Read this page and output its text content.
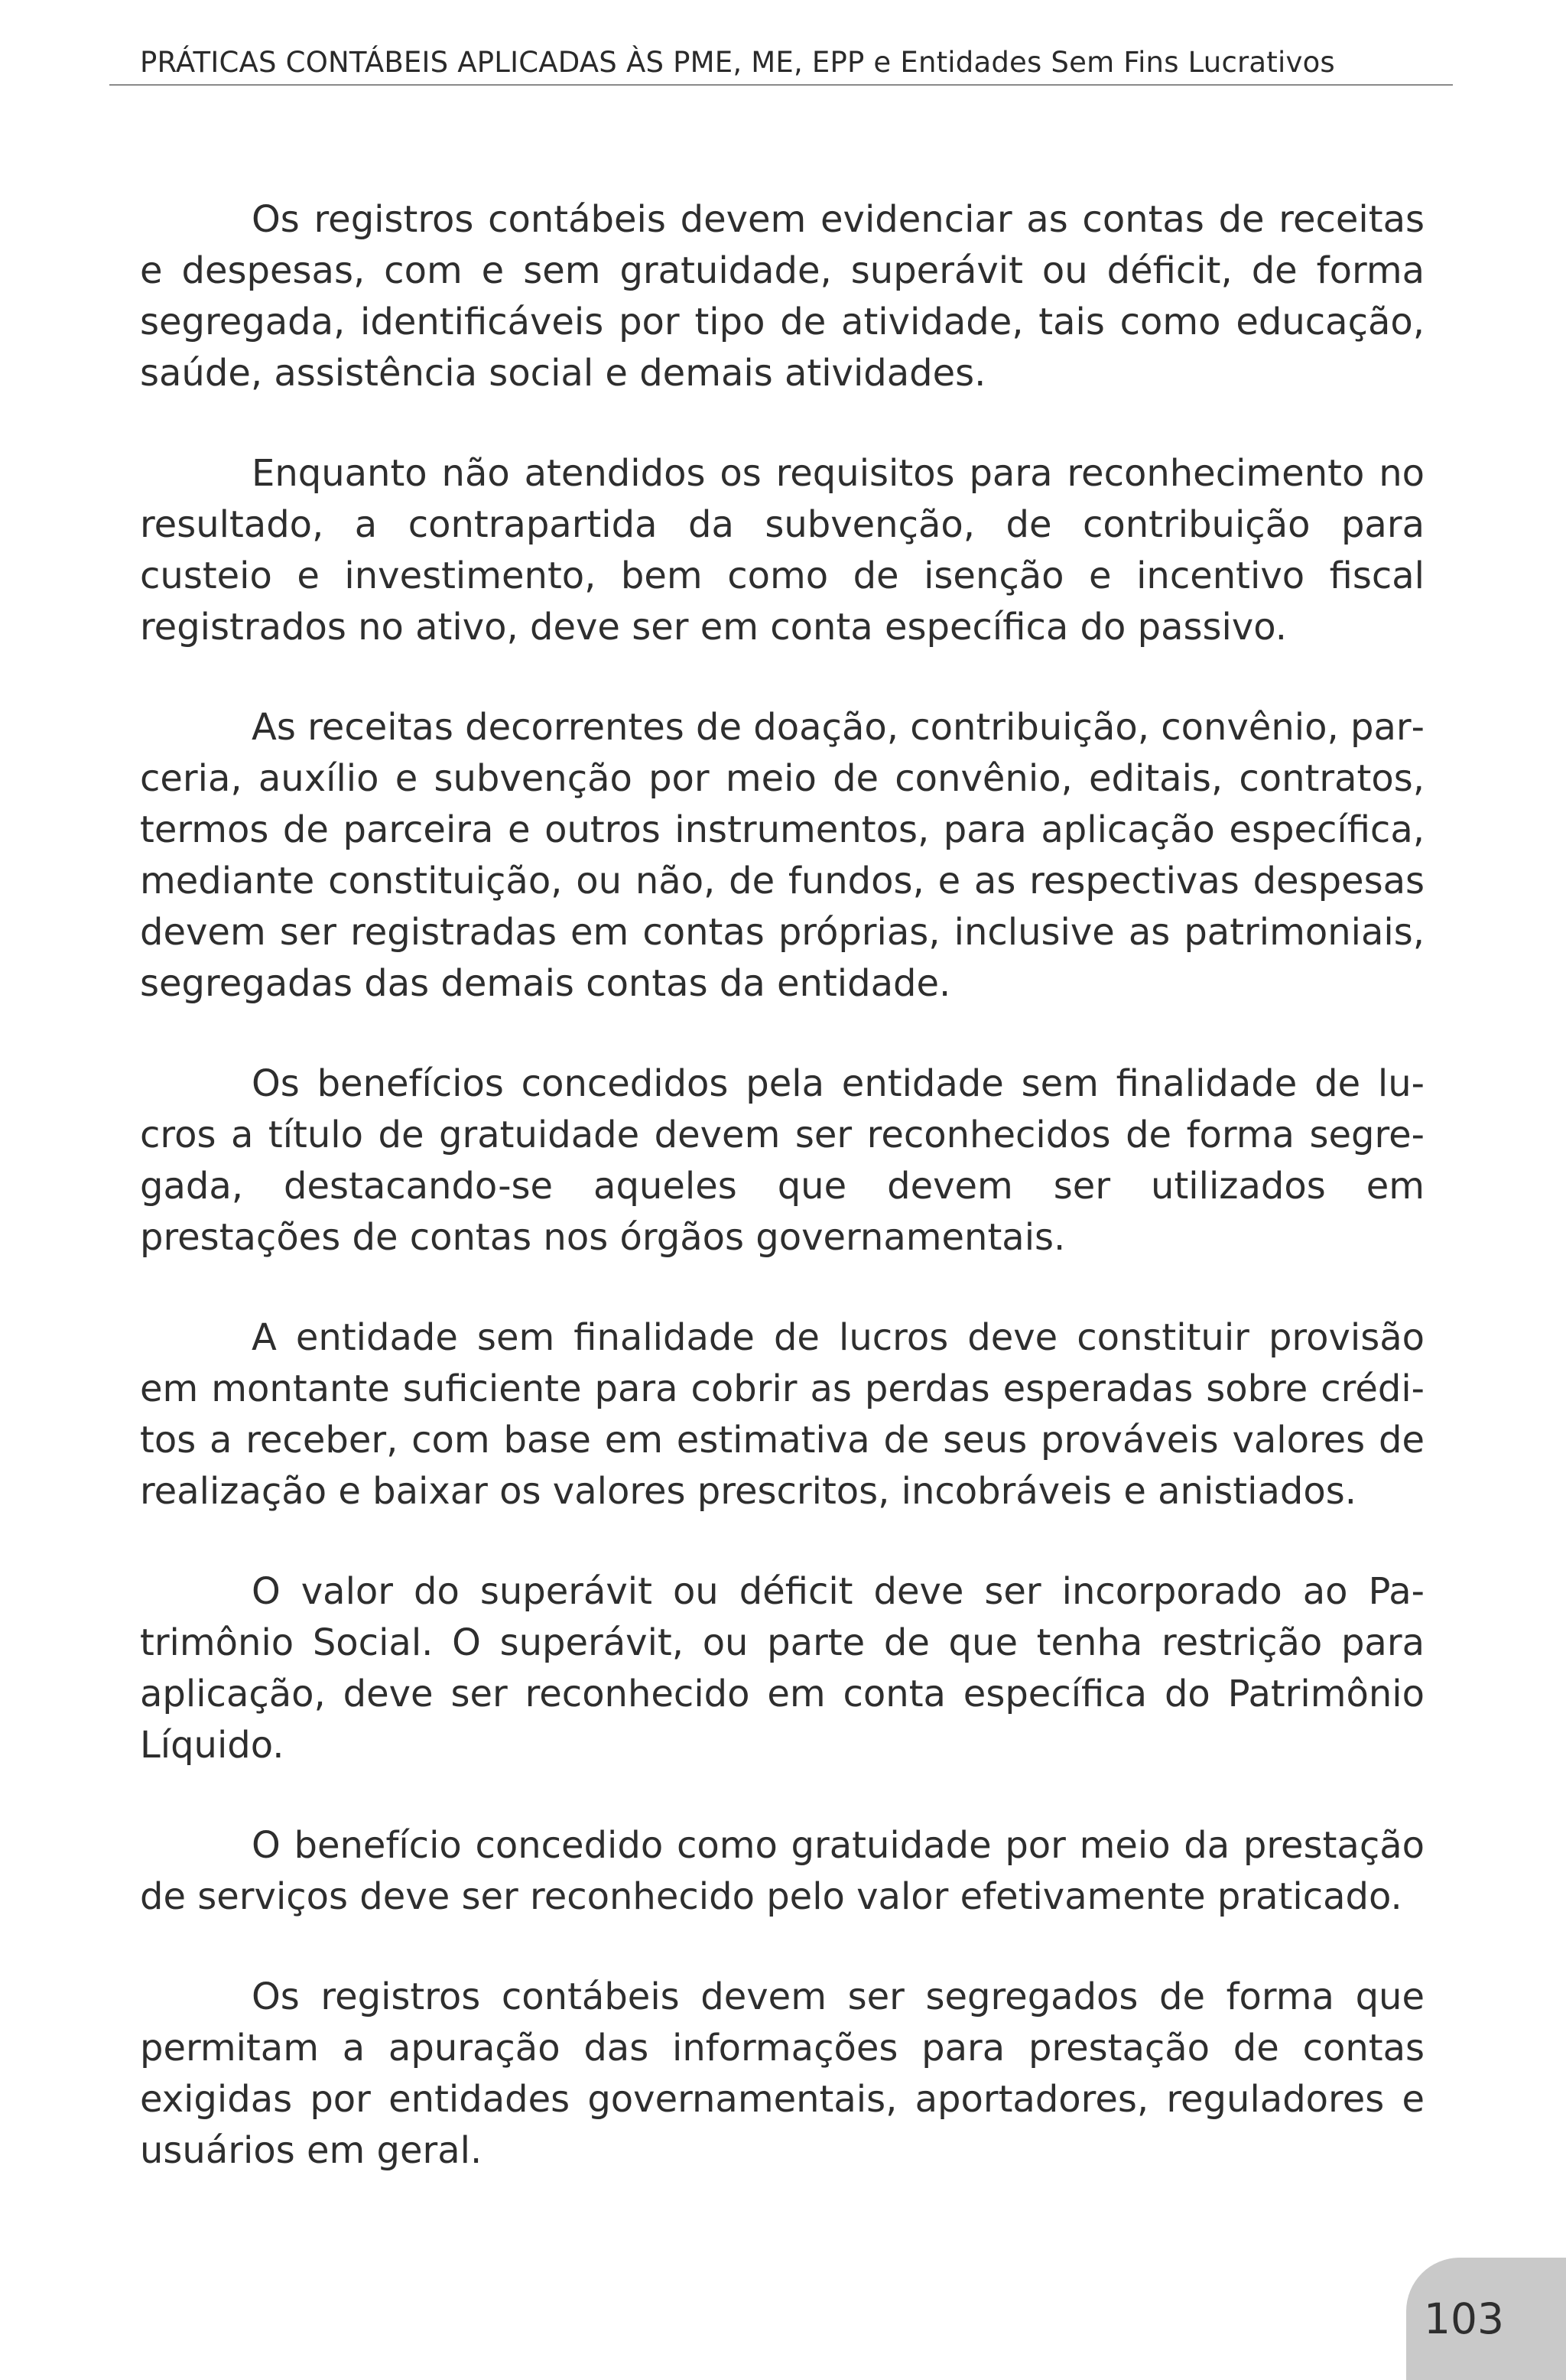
PRÁTICAS CONTÁBEIS APLICADAS ÀS PME, ME, EPP e Entidades Sem Fins Lucrativos

Os registros contábeis devem evidenciar as contas de receitas e despesas, com e sem gratuidade, superávit ou déficit, de forma segregada, identificáveis por tipo de atividade, tais como educação, saúde, assistência social e demais atividades.

Enquanto não atendidos os requisitos para reconhecimento no resultado, a contrapartida da subvenção, de contribuição para custeio e investimento, bem como de isenção e incentivo fiscal registrados no ativo, deve ser em conta específica do passivo.

As receitas decorrentes de doação, contribuição, convênio, parceria, auxílio e subvenção por meio de convênio, editais, contratos, termos de parceira e outros instrumentos, para aplicação específica, mediante constituição, ou não, de fundos, e as respectivas despesas devem ser registradas em contas próprias, inclusive as patrimoniais, segregadas das demais contas da entidade.

Os benefícios concedidos pela entidade sem finalidade de lucros a título de gratuidade devem ser reconhecidos de forma segregada, destacando-se aqueles que devem ser utilizados em prestações de contas nos órgãos governamentais.

A entidade sem finalidade de lucros deve constituir provisão em montante suficiente para cobrir as perdas esperadas sobre créditos a receber, com base em estimativa de seus prováveis valores de realização e baixar os valores prescritos, incobráveis e anistiados.

O valor do superávit ou déficit deve ser incorporado ao Patrimônio Social. O superávit, ou parte de que tenha restrição para aplicação, deve ser reconhecido em conta específica do Patrimônio Líquido.

O benefício concedido como gratuidade por meio da prestação de serviços deve ser reconhecido pelo valor efetivamente praticado.

Os registros contábeis devem ser segregados de forma que permitam a apuração das informações para prestação de contas exigidas por entidades governamentais, aportadores, reguladores e usuários em geral.

103
